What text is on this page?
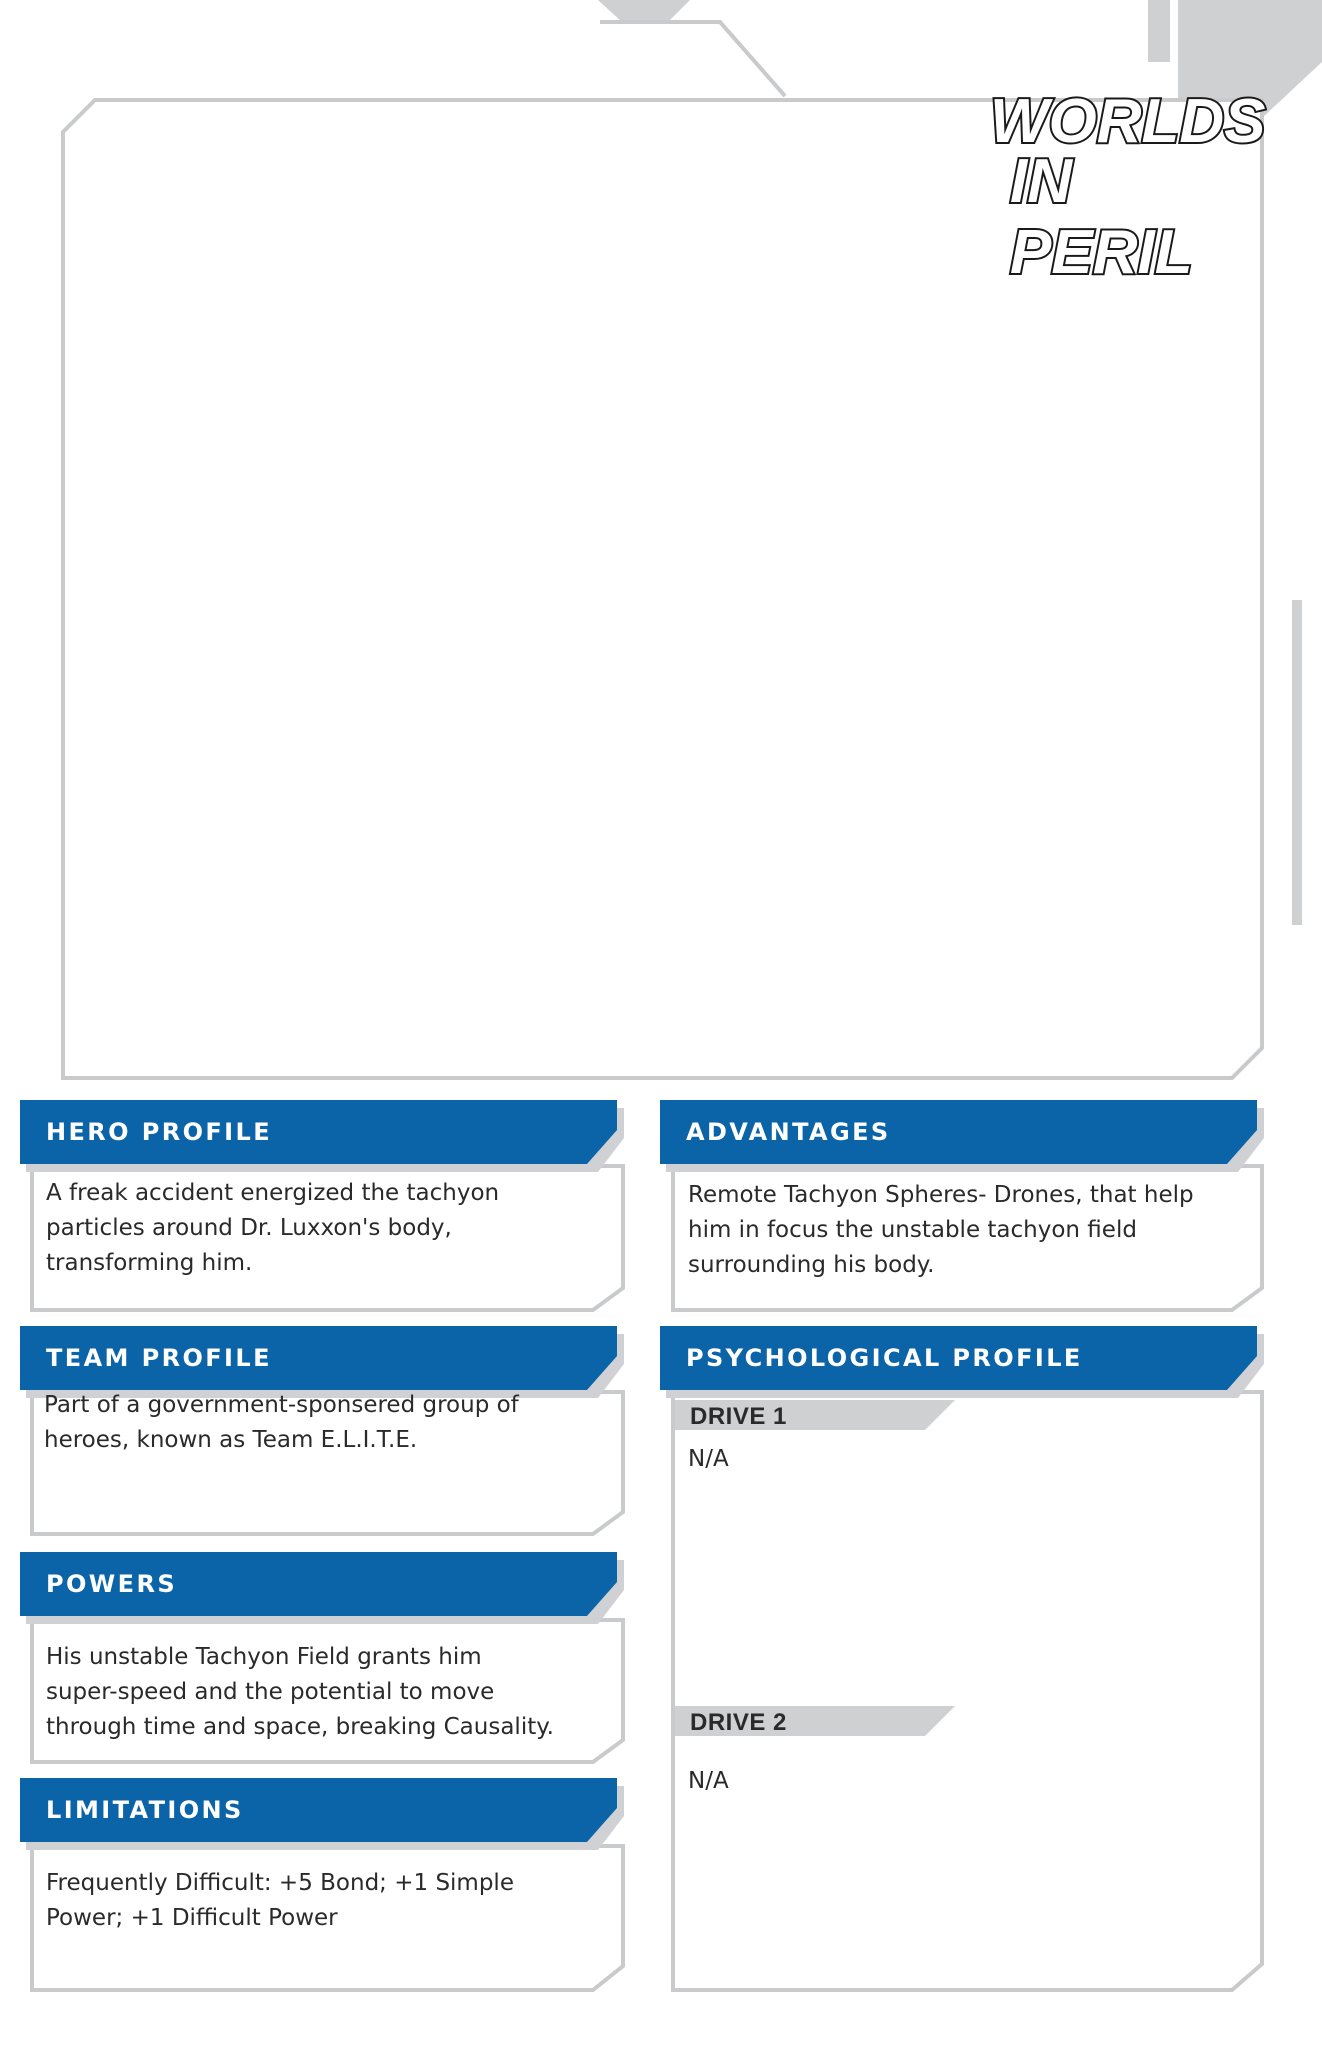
WORLDS
IN PERIL
HERO PROFILE	ADVANTAGES
TEAM PROFILE	PSYCHOLOGICAL PROFILE
POWERS
LIMITATIONS
A freak accident energized the tachyon
particles around Dr. Luxxon's body,
transforming him.
Remote Tachyon Spheres- Drones, that help
him in focus the unstable tachyon field
surrounding his body.
Part of a government-sponsered group of
heroes, known as Team E.L.I.T.E.
His unstable Tachyon Field grants him
super-speed and the potential to move
through time and space, breaking Causality.
Frequently Difficult: +5 Bond; +1 Simple
Power; +1 Difficult Power
DRIVE 1
N/A
DRIVE 2
N/A
